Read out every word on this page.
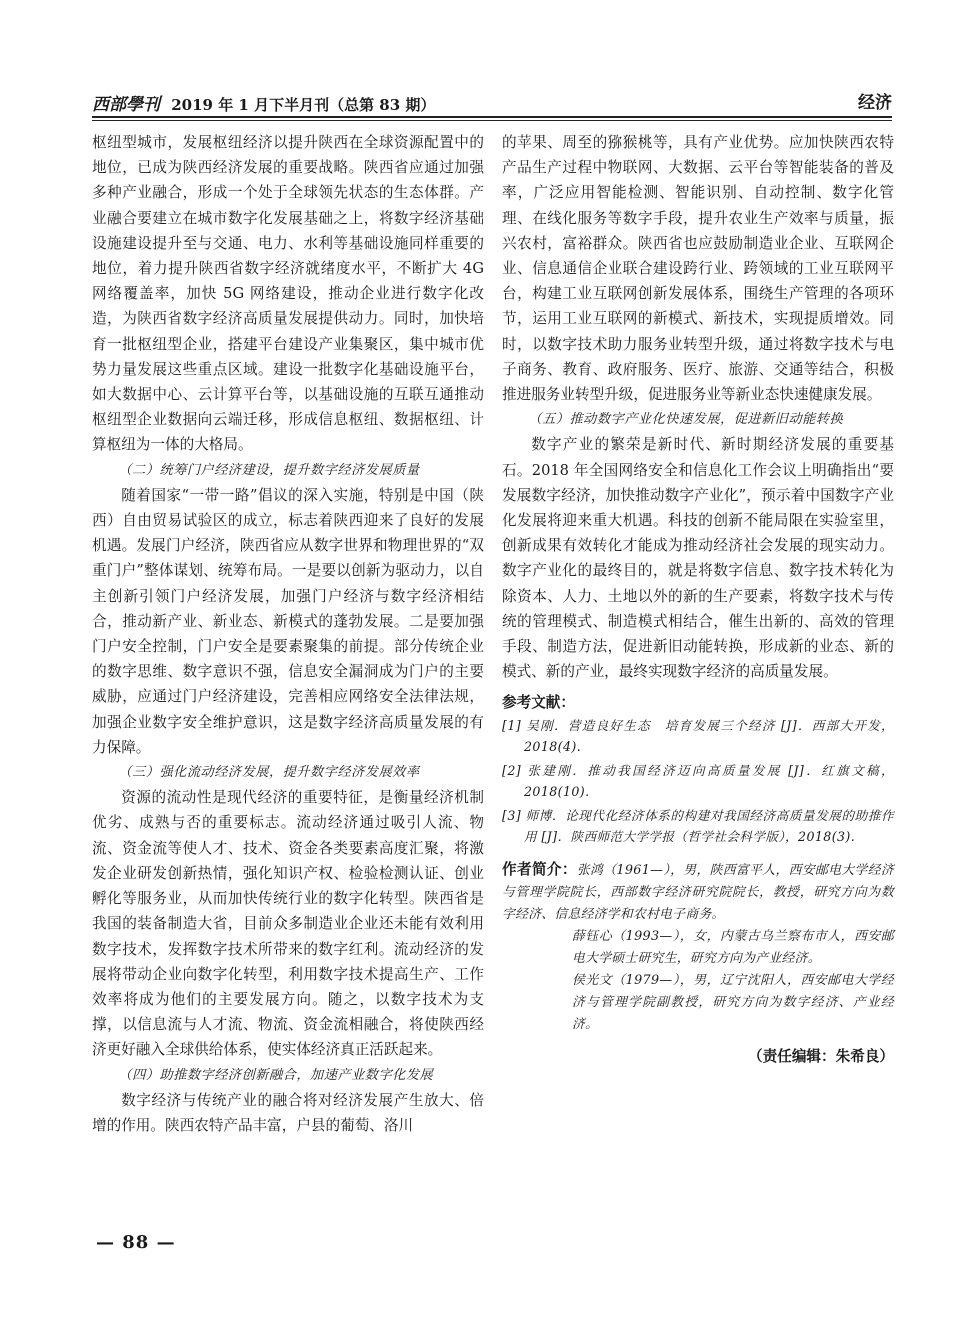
西部學刊 2019 年 1 月下半月刊（总第 83 期）	经济

枢纽型城市，发展枢纽经济以提升陕西在全球资源配置中的地位，已成为陕西经济发展的重要战略。陕西省应通过加强多种产业融合，形成一个处于全球领先状态的生态体群。产业融合要建立在城市数字化发展基础之上，将数字经济基础设施建设提升至与交通、电力、水利等基础设施同样重要的地位，着力提升陕西省数字经济就绪度水平，不断扩大 4G 网络覆盖率，加快 5G 网络建设，推动企业进行数字化改造，为陕西省数字经济高质量发展提供动力。同时，加快培育一批枢纽型企业，搭建平台建设产业集聚区，集中城市优势力量发展这些重点区域。建设一批数字化基础设施平台，如大数据中心、云计算平台等，以基础设施的互联互通推动枢纽型企业数据向云端迁移，形成信息枢纽、数据枢纽、计算枢纽为一体的大格局。

（二）统筹门户经济建设，提升数字经济发展质量

随着国家“一带一路”倡议的深入实施，特别是中国（陕西）自由贸易试验区的成立，标志着陕西迎来了良好的发展机遇。发展门户经济，陕西省应从数字世界和物理世界的“双重门户”整体谋划、统筹布局。一是要以创新为驱动力，以自主创新引领门户经济发展，加强门户经济与数字经济相结合，推动新产业、新业态、新模式的蓬勃发展。二是要加强门户安全控制，门户安全是要素聚集的前提。部分传统企业的数字思维、数字意识不强，信息安全漏洞成为门户的主要威胁，应通过门户经济建设，完善相应网络安全法律法规，加强企业数字安全维护意识，这是数字经济高质量发展的有力保障。

（三）强化流动经济发展，提升数字经济发展效率

资源的流动性是现代经济的重要特征，是衡量经济机制优劣、成熟与否的重要标志。流动经济通过吸引人流、物流、资金流等使人才、技术、资金各类要素高度汇聚，将激发企业研发创新热情，强化知识产权、检验检测认证、创业孵化等服务业，从而加快传统行业的数字化转型。陕西省是我国的装备制造大省，目前众多制造业企业还未能有效利用数字技术，发挥数字技术所带来的数字红利。流动经济的发展将带动企业向数字化转型，利用数字技术提高生产、工作效率将成为他们的主要发展方向。随之，以数字技术为支撑，以信息流与人才流、物流、资金流相融合，将使陕西经济更好融入全球供给体系，使实体经济真正活跃起来。

（四）助推数字经济创新融合，加速产业数字化发展

数字经济与传统产业的融合将对经济发展产生放大、倍增的作用。陕西农特产品丰富，户县的葡萄、洛川

的苹果、周至的猕猴桃等，具有产业优势。应加快陕西农特产品生产过程中物联网、大数据、云平台等智能装备的普及率，广泛应用智能检测、智能识别、自动控制、数字化管理、在线化服务等数字手段，提升农业生产效率与质量，振兴农村，富裕群众。陕西省也应鼓励制造业企业、互联网企业、信息通信企业联合建设跨行业、跨领域的工业互联网平台，构建工业互联网创新发展体系，围绕生产管理的各项环节，运用工业互联网的新模式、新技术，实现提质增效。同时，以数字技术助力服务业转型升级，通过将数字技术与电子商务、教育、政府服务、医疗、旅游、交通等结合，积极推进服务业转型升级，促进服务业等新业态快速健康发展。

（五）推动数字产业化快速发展，促进新旧动能转换

数字产业的繁荣是新时代、新时期经济发展的重要基石。2018 年全国网络安全和信息化工作会议上明确指出“要发展数字经济，加快推动数字产业化”，预示着中国数字产业化发展将迎来重大机遇。科技的创新不能局限在实验室里，创新成果有效转化才能成为推动经济社会发展的现实动力。数字产业化的最终目的，就是将数字信息、数字技术转化为除资本、人力、土地以外的新的生产要素，将数字技术与传统的管理模式、制造模式相结合，催生出新的、高效的管理手段、制造方法，促进新旧动能转换，形成新的业态、新的模式、新的产业，最终实现数字经济的高质量发展。

参考文献：
[1] 吴刚．营造良好生态　培育发展三个经济 [J]．西部大开发，2018(4).
[2] 张建刚．推动我国经济迈向高质量发展 [J]．红旗文稿，2018(10).
[3] 师博．论现代化经济体系的构建对我国经济高质量发展的助推作用 [J]．陕西师范大学学报（哲学社会科学版），2018(3).
作者简介：张鸿（1961—），男，陕西富平人，西安邮电大学经济与管理学院院长，西部数字经济研究院院长，教授，研究方向为数字经济、信息经济学和农村电子商务。
薛钰心（1993—），女，内蒙古乌兰察布市人，西安邮电大学硕士研究生，研究方向为产业经济。
侯光文（1979—），男，辽宁沈阳人，西安邮电大学经济与管理学院副教授，研究方向为数字经济、产业经济。
（责任编辑：朱希良）
— 88 —
